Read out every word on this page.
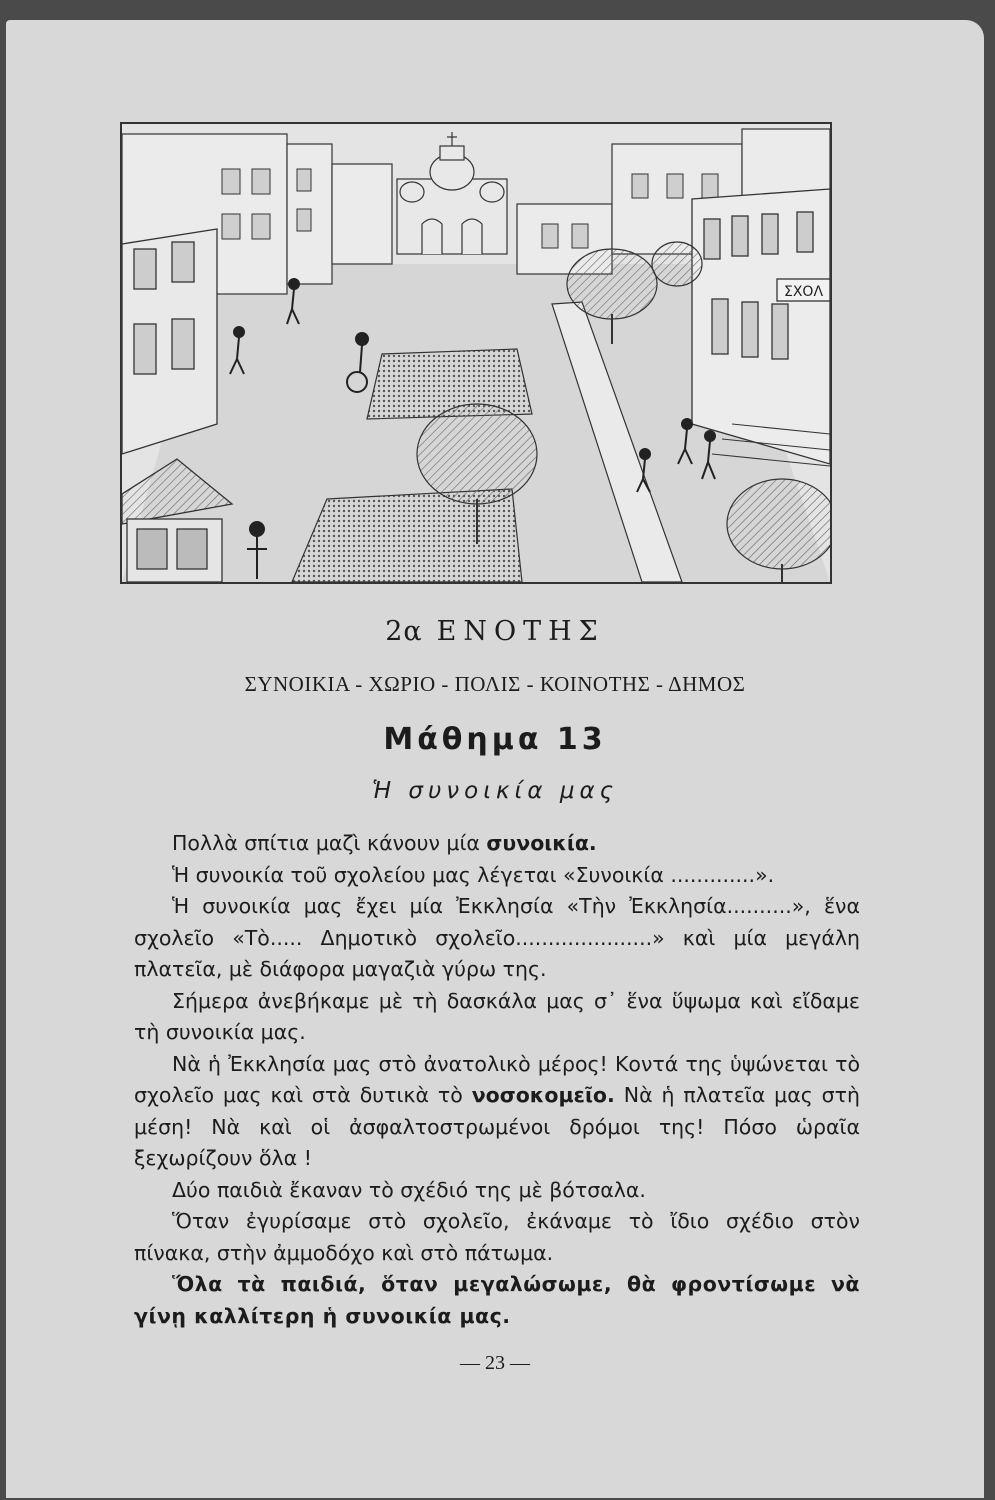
ΣΧΟΛ
2α ΕΝΟΤΗΣ
ΣΥΝΟΙΚΙΑ - ΧΩΡΙΟ - ΠΟΛΙΣ - ΚΟΙΝΟΤΗΣ - ΔΗΜΟΣ
Μάθημα 13
Ἡ συνοικία μας

Πολλὰ σπίτια μαζὶ κάνουν μία συνοικία.

Ἡ συνοικία τοῦ σχολείου μας λέγεται «Συνοικία .............».

Ἡ συνοικία μας ἔχει μία Ἐκκλησία «Τὴν Ἐκκλησία..........», ἕνα σχολεῖο «Τὸ..... Δημοτικὸ σχολεῖο.....................» καὶ μία μεγάλη πλατεῖα, μὲ διάφορα μαγαζιὰ γύρω της.

Σήμερα ἀνεβήκαμε μὲ τὴ δασκάλα μας σ᾽ ἕνα ὕψωμα καὶ εἴδαμε τὴ συνοικία μας.

Νὰ ἡ Ἐκκλησία μας στὸ ἀνατολικὸ μέρος! Κοντά της ὑψώνεται τὸ σχολεῖο μας καὶ στὰ δυτικὰ τὸ νοσοκομεῖο. Νὰ ἡ πλατεῖα μας στὴ μέση! Νὰ καὶ οἱ ἀσφαλτοστρωμένοι δρόμοι της! Πόσο ὡραῖα ξεχωρίζουν ὅλα !

Δύο παιδιὰ ἔκαναν τὸ σχέδιό της μὲ βότσαλα.

Ὅταν ἐγυρίσαμε στὸ σχολεῖο, ἐκάναμε τὸ ἴδιο σχέδιο στὸν πίνακα, στὴν ἀμμοδόχο καὶ στὸ πάτωμα.

Ὅλα τὰ παιδιά, ὅταν μεγαλώσωμε, θὰ φροντίσωμε νὰ γίνῃ καλλίτερη ἡ συνοικία μας.

— 23 —
